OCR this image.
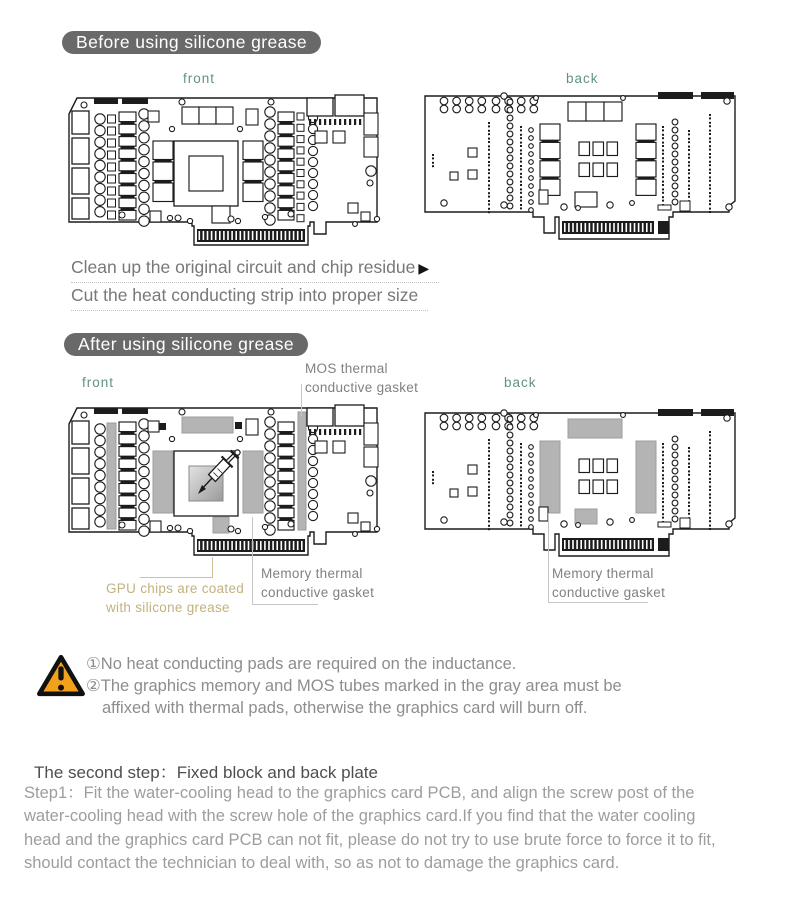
Before using silicone grease
front	back
Clean up the original circuit and chip residue ▶
Cut the heat conducting strip into proper size
After using silicone grease
front	back
MOS thermal
conductive gasket
GPU chips are coated
with silicone grease
Memory thermal
conductive gasket
Memory thermal
conductive gasket
①No heat conducting pads are required on the inductance.
②The graphics memory and MOS tubes marked in the gray area must be
affixed with thermal pads, otherwise the graphics card will burn off.
The second step：Fixed block and back plate
Step1：Fit the water-cooling head to the graphics card PCB, and align the screw post of the
water-cooling head with the screw hole of the graphics card.If you find that the water cooling
head and the graphics card PCB can not fit, please do not try to use brute force to force it to fit,
should contact the technician to deal with, so as not to damage the graphics card.
